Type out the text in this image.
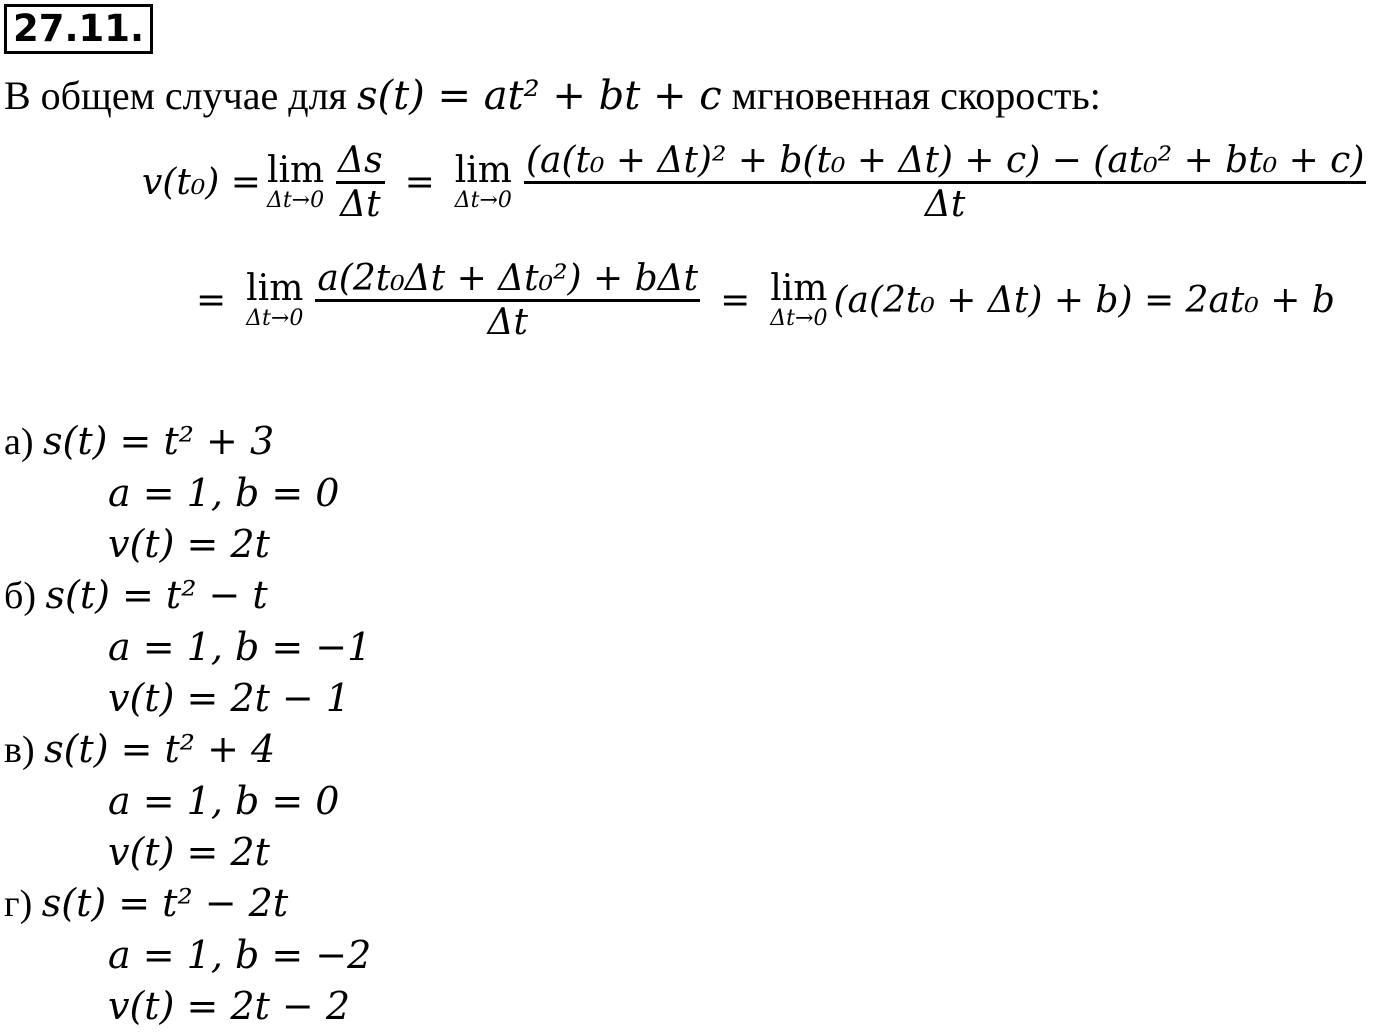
27.11.
В общем случае для s(t) = at² + bt + c мгновенная скорость:
v(t₀) = lim
$\Delta t\to 0 \frac{\Delta s}{\Delta t} = \lim$
$\Delta t\to 0 \frac{\text{(a(t₀ + Δt)² + b(t₀ + Δt) + c) − (at₀² + bt₀ + c)}}{\Delta t}$
= lim
$\Delta t\to 0 \frac{\text{a(2t₀Δt + Δt₀²) + bΔt}}{\Delta t} = \lim$
Δt→0 (a(2t₀ + Δt) + b) = 2at₀ + b
а) s(t) = t² + 3
a = 1, b = 0
v(t) = 2t
б) s(t) = t² − t
a = 1, b = −1
v(t) = 2t − 1
в) s(t) = t² + 4
a = 1, b = 0
v(t) = 2t
г) s(t) = t² − 2t
a = 1, b = −2
v(t) = 2t − 2
